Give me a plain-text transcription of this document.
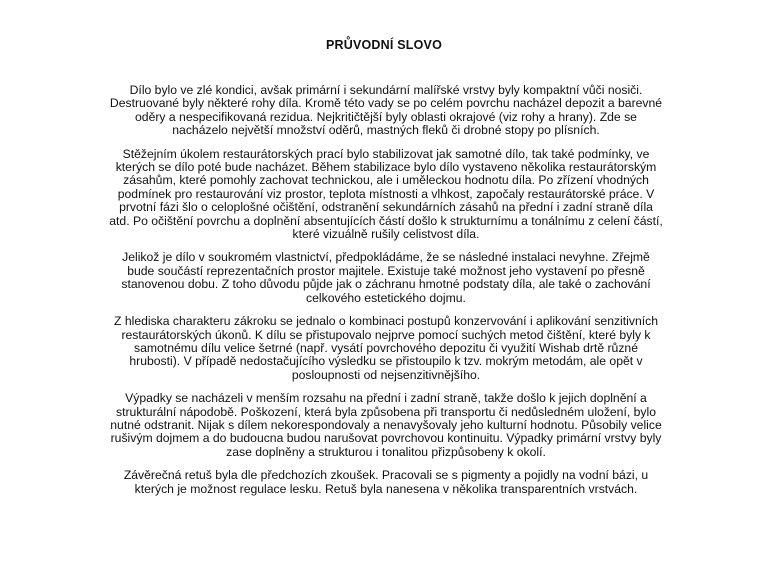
PRŮVODNÍ SLOVO

Dílo bylo ve zlé kondici, avšak primární i sekundární malířské vrstvy byly kompaktní vůči nosiči. Destruované byly některé rohy díla. Kromě této vady se po celém povrchu nacházel depozit a barevné oděry a nespecifikovaná rezidua. Nejkritičtější byly oblasti okrajové (viz rohy a hrany). Zde se nacházelo největší množství oděrů, mastných fleků či drobné stopy po plísních.

Stěžejním úkolem restaurátorských prací bylo stabilizovat jak samotné dílo, tak také podmínky, ve kterých se dílo poté bude nacházet. Během stabilizace bylo dílo vystaveno několika restaurátorským zásahům, které pomohly zachovat technickou, ale i uměleckou hodnotu díla. Po zřízení vhodných podmínek pro restaurování viz prostor, teplota místnosti a vlhkost, započaly restaurátorské práce. V prvotní fázi šlo o celoplošné očištění, odstranění sekundárních zásahů na přední i zadní straně díla atd. Po očištění povrchu a doplnění absentujících částí došlo k strukturnímu a tonálnímu z celení částí, které vizuálně rušily celistvost díla.

Jelikož je dílo v soukromém vlastnictví, předpokládáme, že se následné instalaci nevyhne. Zřejmě bude součástí reprezentačních prostor majitele. Existuje také možnost jeho vystavení po přesně stanovenou dobu. Z toho důvodu půjde jak o záchranu hmotné podstaty díla, ale také o zachování celkového estetického dojmu.

Z hlediska charakteru zákroku se jednalo o kombinaci postupů konzervování i aplikování senzitivních restaurátorských úkonů. K dílu se přistupovalo nejprve pomocí suchých metod čištění, které byly k samotnému dílu velice šetrné (např. vysátí povrchového depozitu či využití Wishab drtě různé hrubosti). V případě nedostačujícího výsledku se přistoupilo k tzv. mokrým metodám, ale opět v posloupnosti od nejsenzitivnějšího.

Výpadky se nacházeli v menším rozsahu na přední i zadní straně, takže došlo k jejich doplnění a strukturální nápodobě. Poškození, která byla způsobena při transportu či nedůsledném uložení, bylo nutné odstranit. Nijak s dílem nekorespondovaly a nenavyšovaly jeho kulturní hodnotu. Působily velice rušivým dojmem a do budoucna budou narušovat povrchovou kontinuitu. Výpadky primární vrstvy byly zase doplněny a strukturou i tonalitou přizpůsobeny k okolí.

Závěrečná retuš byla dle předchozích zkoušek. Pracovali se s pigmenty a pojidly na vodní bázi, u kterých je možnost regulace lesku. Retuš byla nanesena v několika transparentních vrstvách.
